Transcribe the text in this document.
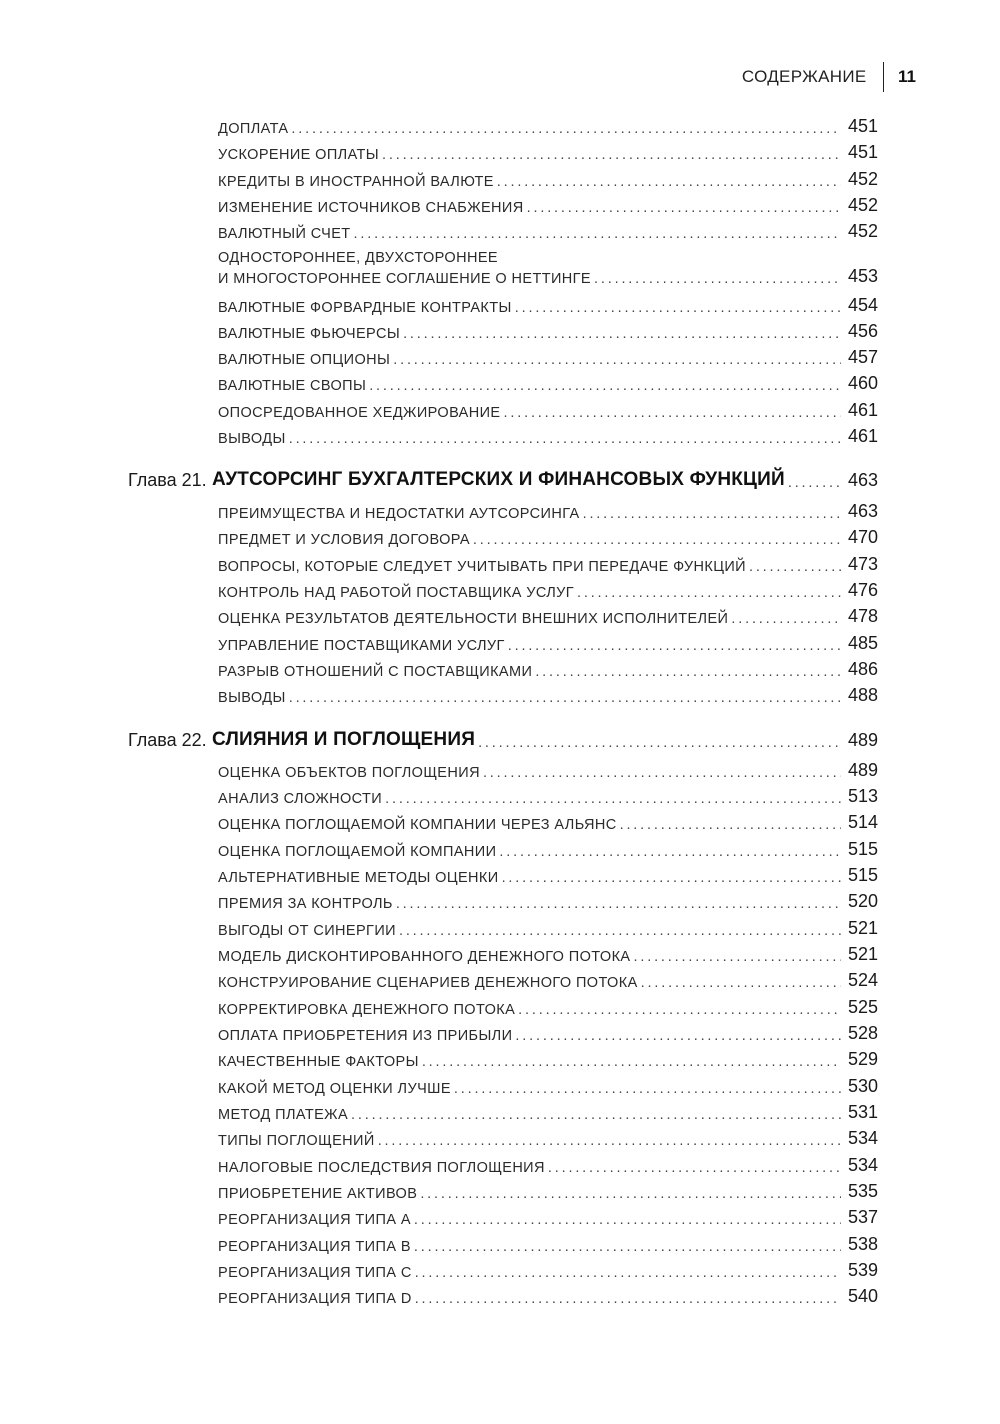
СОДЕРЖАНИЕ 11
ДОПЛАТА . . .	451
УСКОРЕНИЕ ОПЛАТЫ . . .	451
КРЕДИТЫ В ИНОСТРАННОЙ ВАЛЮТЕ . . .	452
ИЗМЕНЕНИЕ ИСТОЧНИКОВ СНАБЖЕНИЯ . . .	452
ВАЛЮТНЫЙ СЧЕТ . . .	452
ОДНОСТОРОННЕЕ, ДВУХСТОРОННЕЕ
И МНОГОСТОРОННЕЕ СОГЛАШЕНИЕ О НЕТТИНГЕ . . .	453
ВАЛЮТНЫЕ ФОРВАРДНЫЕ КОНТРАКТЫ . . .	454
ВАЛЮТНЫЕ ФЬЮЧЕРСЫ . . .	456
ВАЛЮТНЫЕ ОПЦИОНЫ . . .	457
ВАЛЮТНЫЕ СВОПЫ . . .	460
ОПОСРЕДОВАННОЕ ХЕДЖИРОВАНИЕ . . .	461
ВЫВОДЫ . . .	461
Глава 21. АУТСОРСИНГ БУХГАЛТЕРСКИХ И ФИНАНСОВЫХ ФУНКЦИЙ . . .	463
ПРЕИМУЩЕСТВА И НЕДОСТАТКИ АУТСОРСИНГА . . .	463
ПРЕДМЕТ И УСЛОВИЯ ДОГОВОРА . . .	470
ВОПРОСЫ, КОТОРЫЕ СЛЕДУЕТ УЧИТЫВАТЬ ПРИ ПЕРЕДАЧЕ ФУНКЦИЙ . . .	473
КОНТРОЛЬ НАД РАБОТОЙ ПОСТАВЩИКА УСЛУГ . . .	476
ОЦЕНКА РЕЗУЛЬТАТОВ ДЕЯТЕЛЬНОСТИ ВНЕШНИХ ИСПОЛНИТЕЛЕЙ . . .	478
УПРАВЛЕНИЕ ПОСТАВЩИКАМИ УСЛУГ . . .	485
РАЗРЫВ ОТНОШЕНИЙ С ПОСТАВЩИКАМИ . . .	486
ВЫВОДЫ . . .	488
Глава 22. СЛИЯНИЯ И ПОГЛОЩЕНИЯ . . .	489
ОЦЕНКА ОБЪЕКТОВ ПОГЛОЩЕНИЯ . . .	489
АНАЛИЗ СЛОЖНОСТИ . . .	513
ОЦЕНКА ПОГЛОЩАЕМОЙ КОМПАНИИ ЧЕРЕЗ АЛЬЯНС . . .	514
ОЦЕНКА ПОГЛОЩАЕМОЙ КОМПАНИИ . . .	515
АЛЬТЕРНАТИВНЫЕ МЕТОДЫ ОЦЕНКИ . . .	515
ПРЕМИЯ ЗА КОНТРОЛЬ . . .	520
ВЫГОДЫ ОТ СИНЕРГИИ . . .	521
МОДЕЛЬ ДИСКОНТИРОВАННОГО ДЕНЕЖНОГО ПОТОКА . . .	521
КОНСТРУИРОВАНИЕ СЦЕНАРИЕВ ДЕНЕЖНОГО ПОТОКА . . .	524
КОРРЕКТИРОВКА ДЕНЕЖНОГО ПОТОКА . . .	525
ОПЛАТА ПРИОБРЕТЕНИЯ ИЗ ПРИБЫЛИ . . .	528
КАЧЕСТВЕННЫЕ ФАКТОРЫ . . .	529
КАКОЙ МЕТОД ОЦЕНКИ ЛУЧШЕ . . .	530
МЕТОД ПЛАТЕЖА . . .	531
ТИПЫ ПОГЛОЩЕНИЙ . . .	534
НАЛОГОВЫЕ ПОСЛЕДСТВИЯ ПОГЛОЩЕНИЯ . . .	534
ПРИОБРЕТЕНИЕ АКТИВОВ . . .	535
РЕОРГАНИЗАЦИЯ ТИПА A . . .	537
РЕОРГАНИЗАЦИЯ ТИПА B . . .	538
РЕОРГАНИЗАЦИЯ ТИПА C . . .	539
РЕОРГАНИЗАЦИЯ ТИПА D . . .	540
